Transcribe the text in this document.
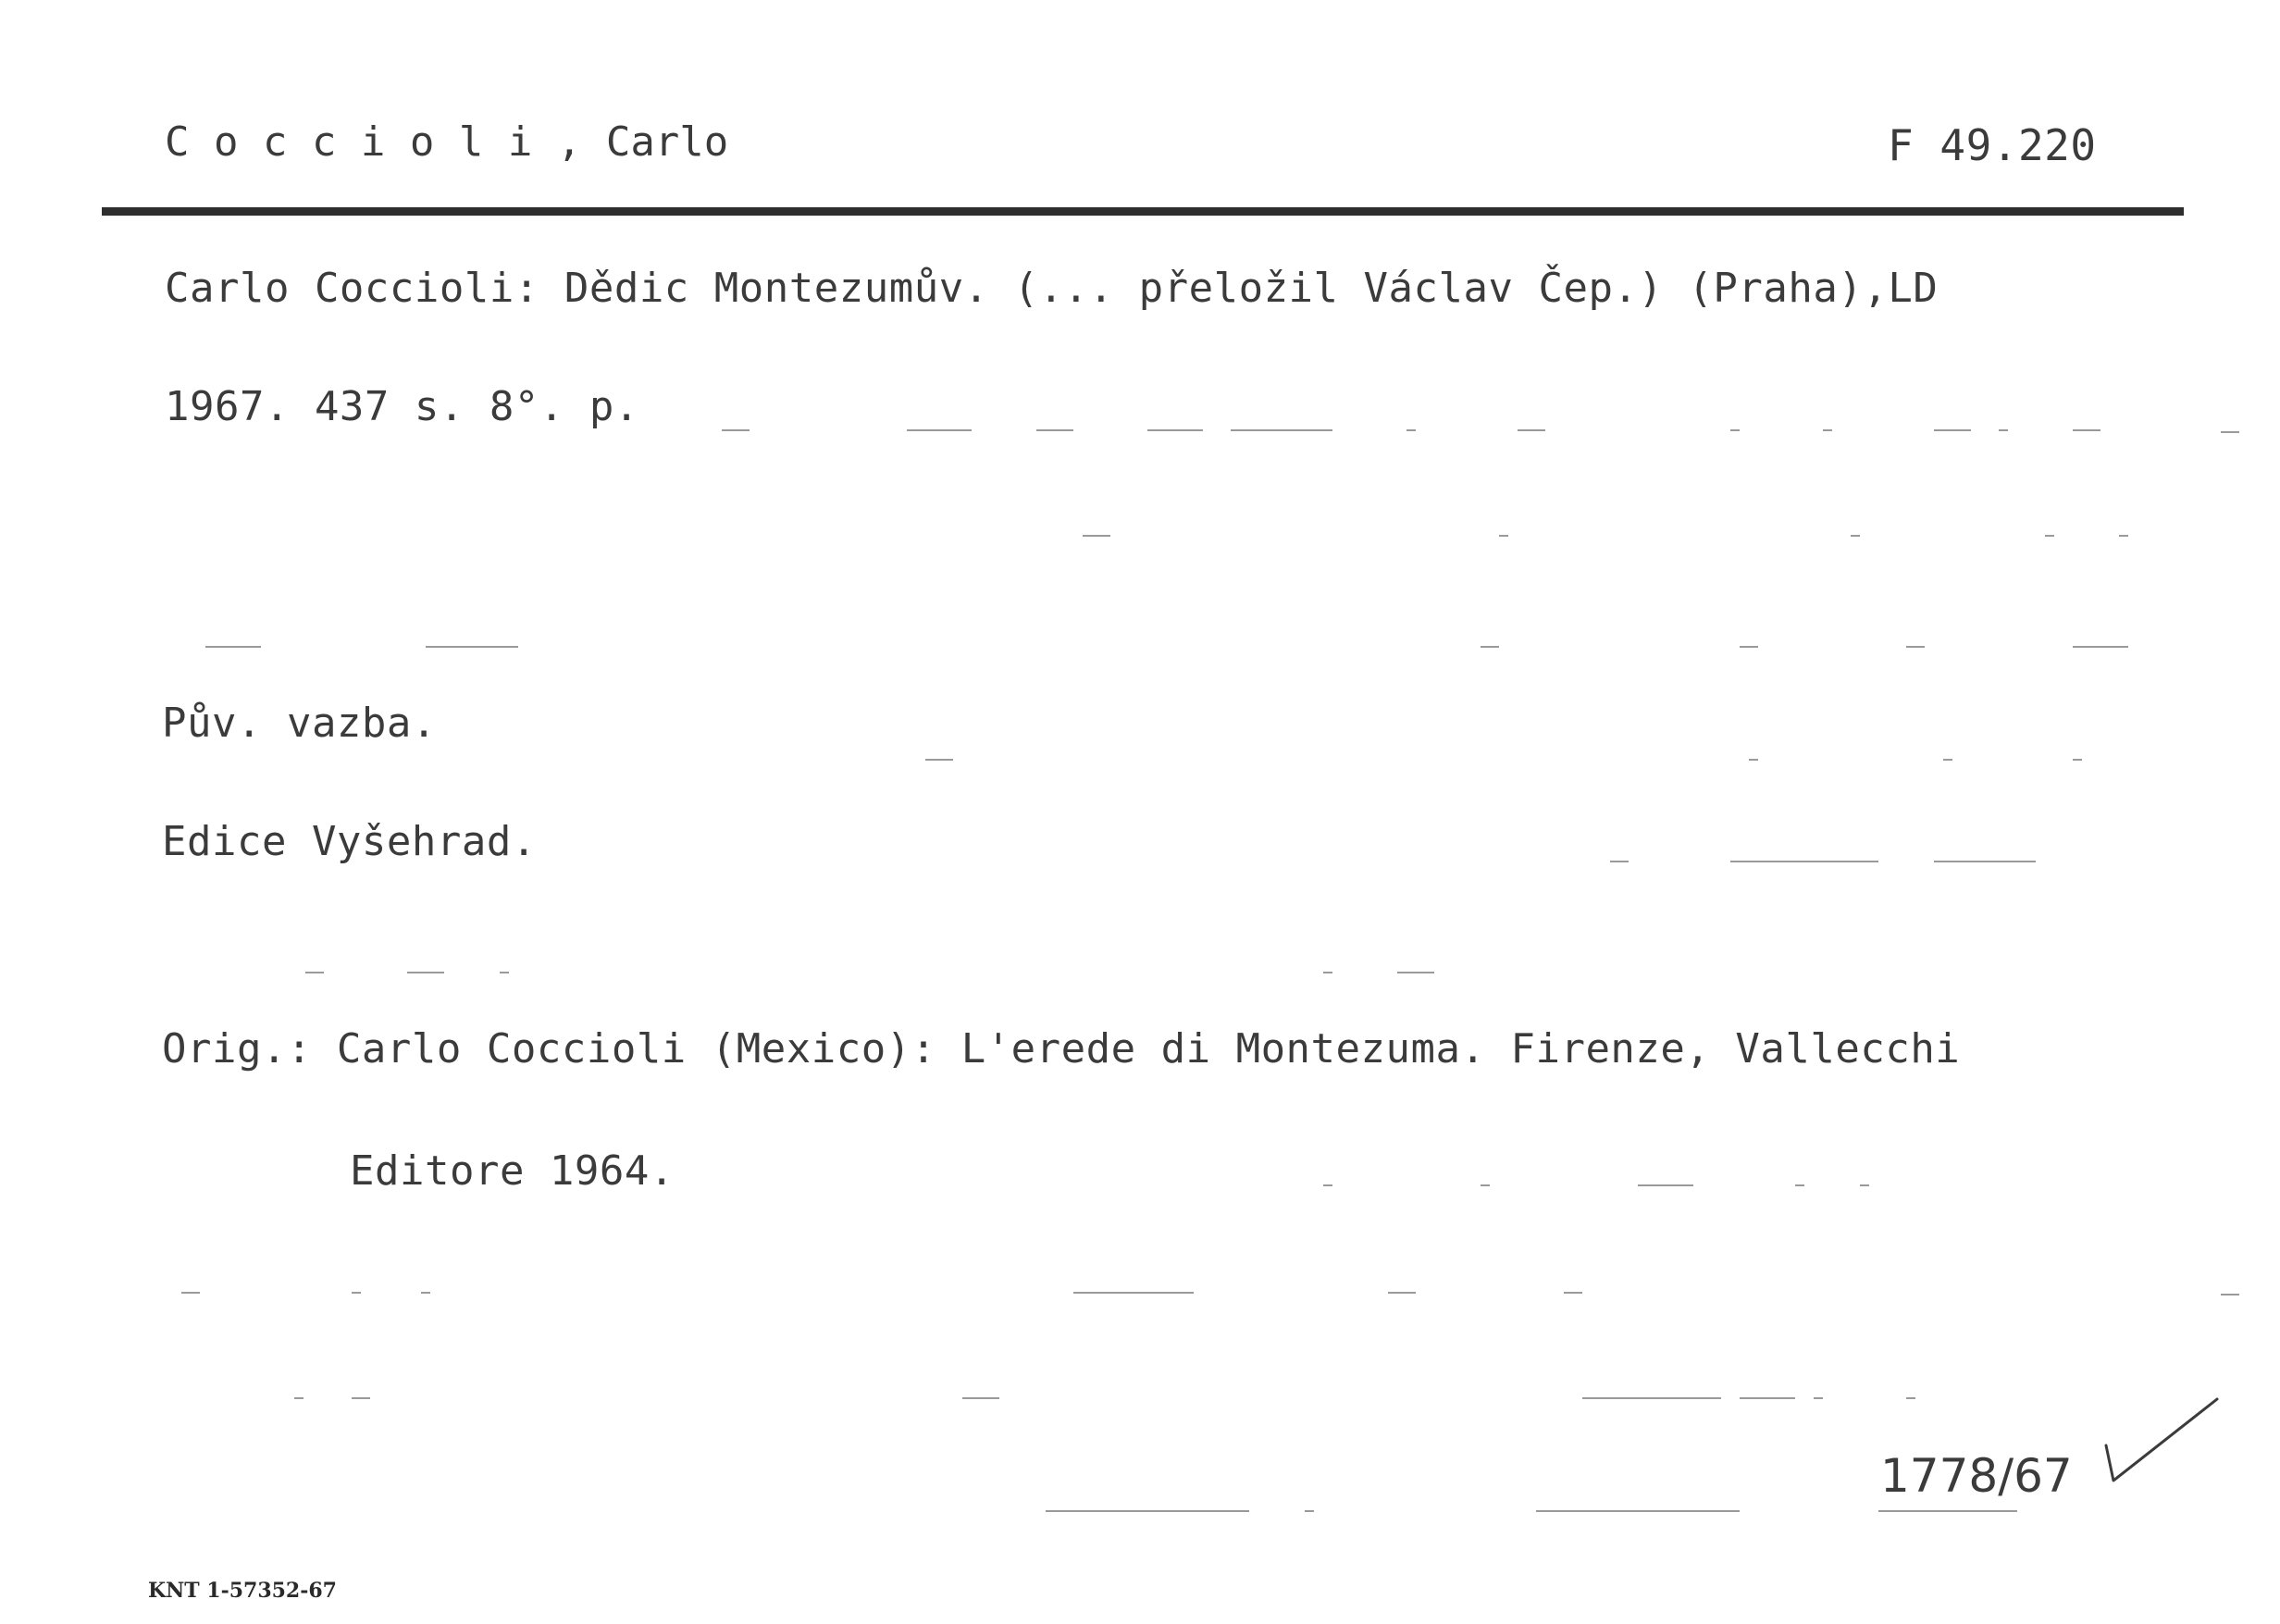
C o c c i o l i , Carlo	F 49.220
Carlo Coccioli: Dědic Montezumův. (... přeložil Václav Čep.) (Praha),LD
1967. 437 s. 8°. p.
Pův. vazba.
Edice Vyšehrad.
Orig.: Carlo Coccioli (Mexico): L'erede di Montezuma. Firenze, Vallecchi
Editore 1964.
1778/67
KNT 1-57352-67
